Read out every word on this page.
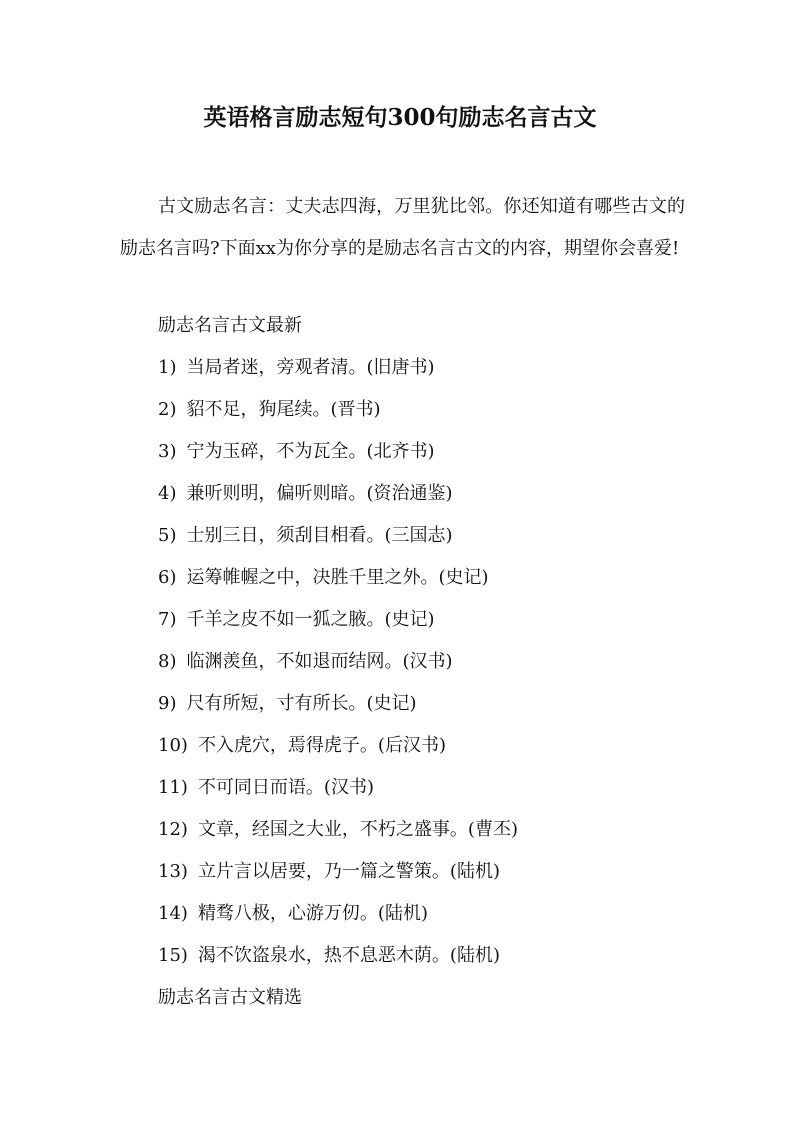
英语格言励志短句300句励志名言古文

古文励志名言：丈夫志四海，万里犹比邻。你还知道有哪些古文的励志名言吗?下面xx为你分享的是励志名言古文的内容，期望你会喜爱!

励志名言古文最新

1) 当局者迷，旁观者清。(旧唐书)

2) 貂不足，狗尾续。(晋书)

3) 宁为玉碎，不为瓦全。(北齐书)

4) 兼听则明，偏听则暗。(资治通鉴)

5) 士别三日，须刮目相看。(三国志)

6) 运筹帷幄之中，决胜千里之外。(史记)

7) 千羊之皮不如一狐之腋。(史记)

8) 临渊羡鱼，不如退而结网。(汉书)

9) 尺有所短，寸有所长。(史记)

10) 不入虎穴，焉得虎子。(后汉书)

11) 不可同日而语。(汉书)

12) 文章，经国之大业，不朽之盛事。(曹丕)

13) 立片言以居要，乃一篇之警策。(陆机)

14) 精骛八极，心游万仞。(陆机)

15) 渴不饮盗泉水，热不息恶木荫。(陆机)

励志名言古文精选
